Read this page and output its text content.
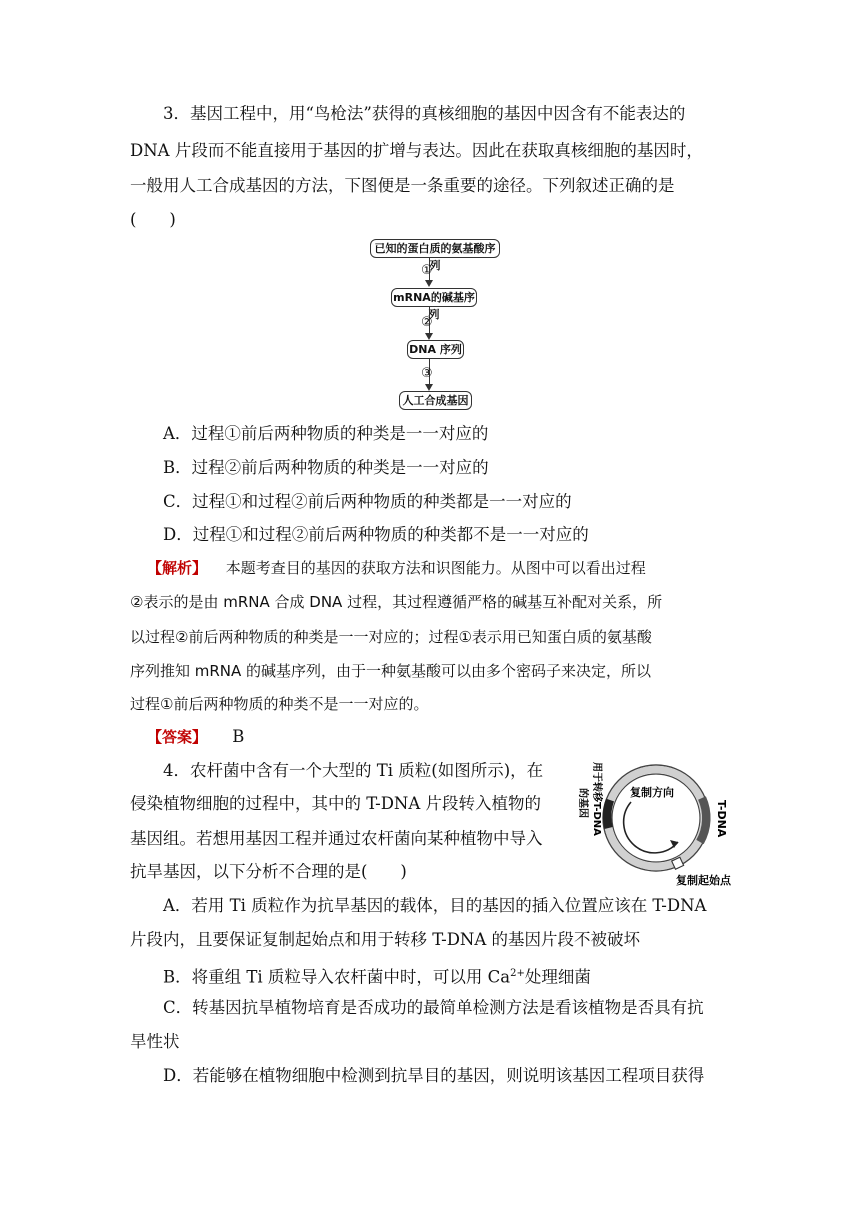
3．基因工程中，用“鸟枪法”获得的真核细胞的基因中因含有不能表达的
DNA 片段而不能直接用于基因的扩增与表达。因此在获取真核细胞的基因时，
一般用人工合成基因的方法，下图便是一条重要的途径。下列叙述正确的是
(　　)
已知的蛋白质的氨基酸序列
①
mRNA的碱基序列
②
DNA 序列
③
人工合成基因
A．过程①前后两种物质的种类是一一对应的
B．过程②前后两种物质的种类是一一对应的
C．过程①和过程②前后两种物质的种类都是一一对应的
D．过程①和过程②前后两种物质的种类都不是一一对应的
【解析】 本题考查目的基因的获取方法和识图能力。从图中可以看出过程
②表示的是由 mRNA 合成 DNA 过程，其过程遵循严格的碱基互补配对关系，所
以过程②前后两种物质的种类是一一对应的；过程①表示用已知蛋白质的氨基酸
序列推知 mRNA 的碱基序列，由于一种氨基酸可以由多个密码子来决定，所以
过程①前后两种物质的种类不是一一对应的。
【答案】 B
4．农杆菌中含有一个大型的 Ti 质粒(如图所示)，在
侵染植物细胞的过程中，其中的 T-DNA 片段转入植物的
基因组。若想用基因工程并通过农杆菌向某种植物中导入
抗旱基因，以下分析不合理的是(　　)
复制方向
复制起始点
T-DNA
用于转移T-DNA
的基因
A．若用 Ti 质粒作为抗旱基因的载体，目的基因的插入位置应该在 T-DNA
片段内，且要保证复制起始点和用于转移 T-DNA 的基因片段不被破坏
B．将重组 Ti 质粒导入农杆菌中时，可以用 $Ca^{2+}$处理细菌
C．转基因抗旱植物培育是否成功的最简单检测方法是看该植物是否具有抗
旱性状
D．若能够在植物细胞中检测到抗旱目的基因，则说明该基因工程项目获得
